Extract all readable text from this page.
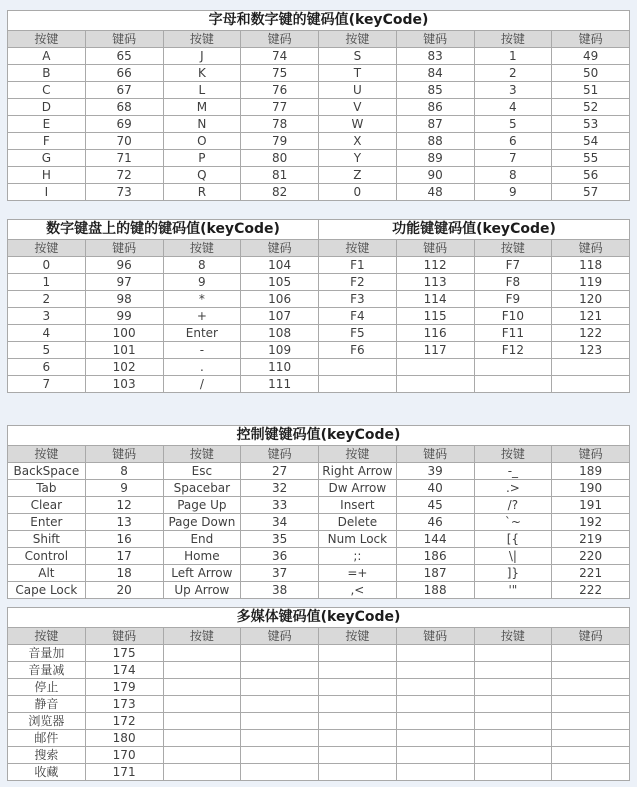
字母和数字键的键码值(keyCode)							
按键	键码	按键	键码	按键	键码	按键	键码
A	65	J	74	S	83	1	49
B	66	K	75	T	84	2	50
C	67	L	76	U	85	3	51
D	68	M	77	V	86	4	52
E	69	N	78	W	87	5	53
F	70	O	79	X	88	6	54
G	71	P	80	Y	89	7	55
H	72	Q	81	Z	90	8	56
I	73	R	82	0	48	9	57
数字键盘上的键的键码值(keyCode)				功能键键码值(keyCode)			
按键	键码	按键	键码	按键	键码	按键	键码
0	96	8	104	F1	112	F7	118
1	97	9	105	F2	113	F8	119
2	98	*	106	F3	114	F9	120
3	99	+	107	F4	115	F10	121
4	100	Enter	108	F5	116	F11	122
5	101	-	109	F6	117	F12	123
6	102	.	110				
7	103	/	111				
控制键键码值(keyCode)							
按键	键码	按键	键码	按键	键码	按键	键码
BackSpace	8	Esc	27	Right Arrow	39	-_	189
Tab	9	Spacebar	32	Dw Arrow	40	.>	190
Clear	12	Page Up	33	Insert	45	/?	191
Enter	13	Page Down	34	Delete	46	`~	192
Shift	16	End	35	Num Lock	144	[{	219
Control	17	Home	36	;:	186	\|	220
Alt	18	Left Arrow	37	=+	187	]}	221
Cape Lock	20	Up Arrow	38	,<	188	'"	222
多媒体键码值(keyCode)							
按键	键码	按键	键码	按键	键码	按键	键码
音量加	175						
音量减	174						
停止	179						
静音	173						
浏览器	172						
邮件	180						
搜索	170						
收藏	171						
